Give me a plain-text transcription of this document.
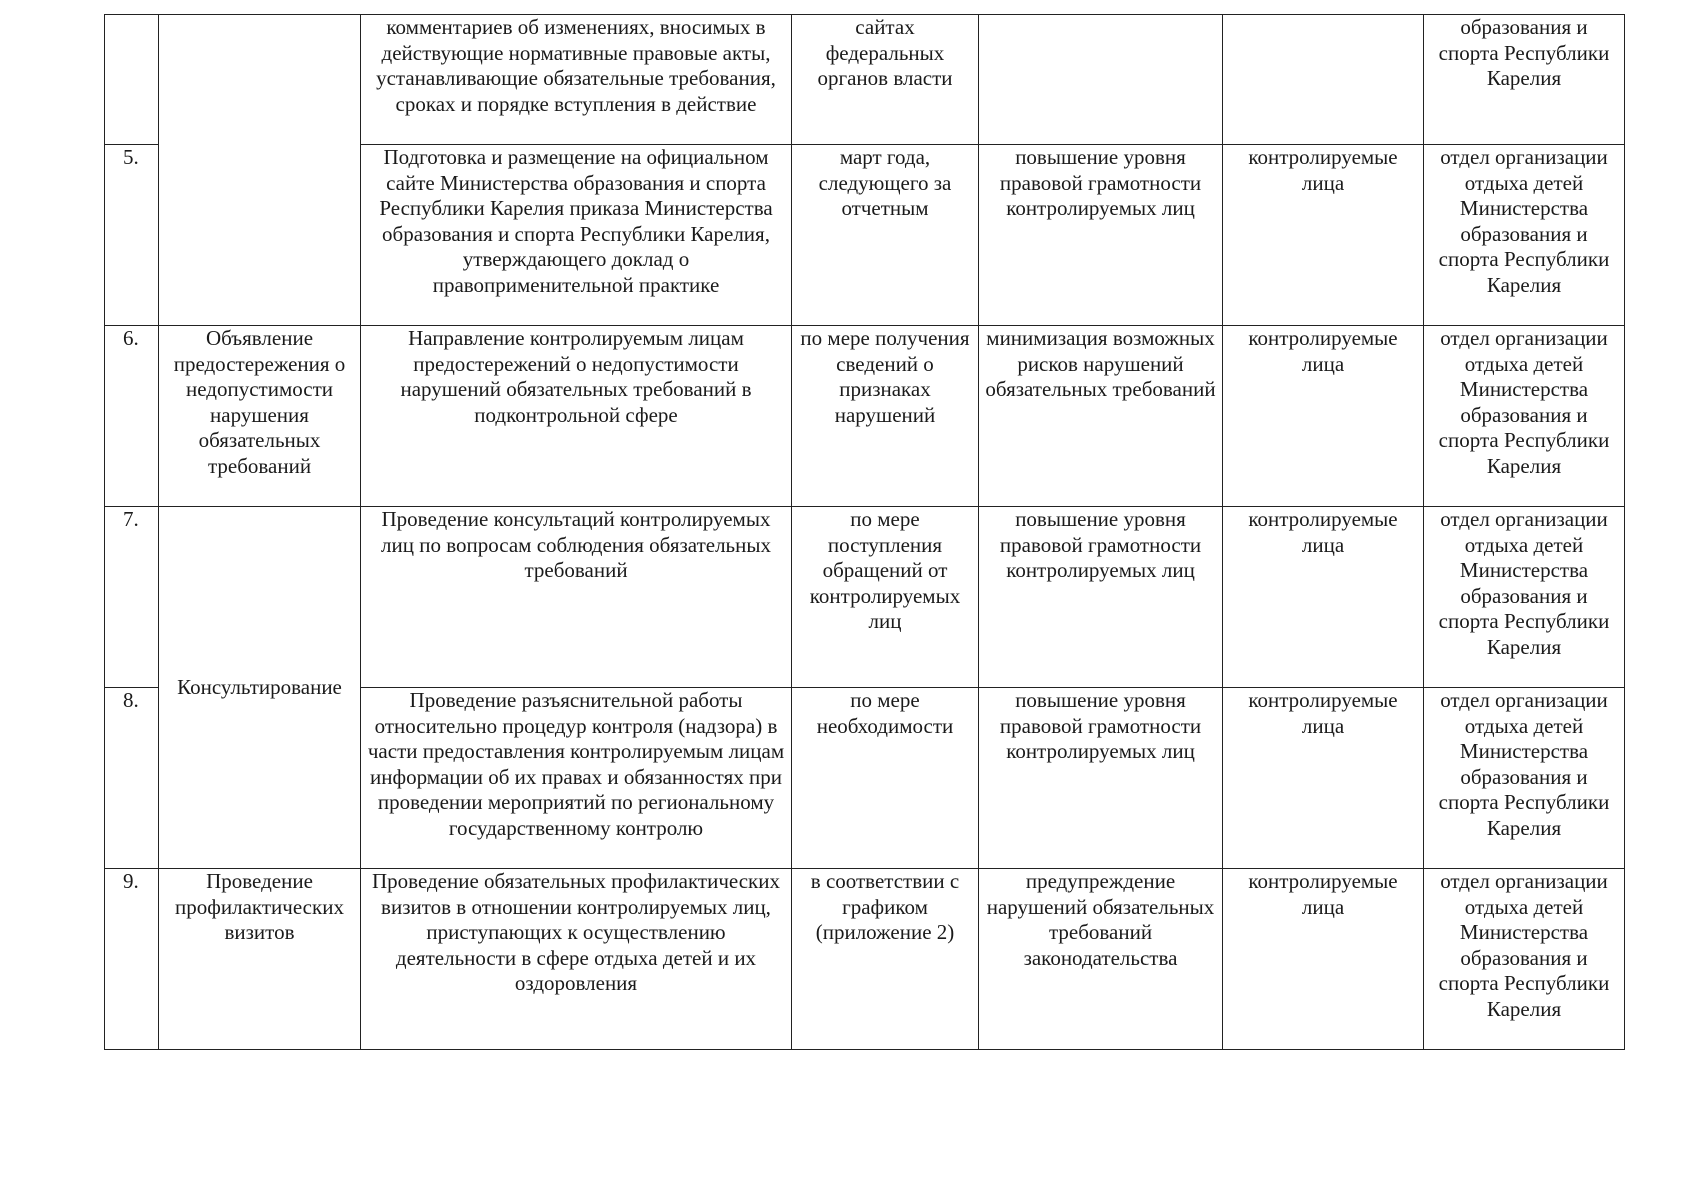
		комментариев об изменениях, вносимых в действующие нормативные правовые акты, устанавливающие обязательные требования, сроках и порядке вступления в действие	сайтах федеральных органов власти			образования и спорта Республики Карелия
5.		Подготовка и размещение на официальном сайте Министерства образования и спорта Республики Карелия приказа Министерства образования и спорта Республики Карелия, утверждающего доклад о правоприменительной практике	март года, следующего за отчетным	повышение уровня правовой грамотности контролируемых лиц	контролируемые лица	отдел организации отдыха детей Министерства образования и спорта Республики Карелия
6.	Объявление предостережения о недопустимости нарушения обязательных требований	Направление контролируемым лицам предостережений о недопустимости нарушений обязательных требований в подконтрольной сфере	по мере получения сведений о признаках нарушений	минимизация возможных рисков нарушений обязательных требований	контролируемые лица	отдел организации отдыха детей Министерства образования и спорта Республики Карелия
7.	Консультирование	Проведение консультаций контролируемых лиц по вопросам соблюдения обязательных требований	по мере поступления обращений от контролируемых лиц	повышение уровня правовой грамотности контролируемых лиц	контролируемые лица	отдел организации отдыха детей Министерства образования и спорта Республики Карелия
8.		Проведение разъяснительной работы относительно процедур контроля (надзора) в части предоставления контролируемым лицам информации об их правах и обязанностях при проведении мероприятий по региональному государственному контролю	по мере необходимости	повышение уровня правовой грамотности контролируемых лиц	контролируемые лица	отдел организации отдыха детей Министерства образования и спорта Республики Карелия
9.	Проведение профилактических визитов	Проведение обязательных профилактических визитов в отношении контролируемых лиц, приступающих к осуществлению деятельности в сфере отдыха детей и их оздоровления	в соответствии с графиком (приложение 2)	предупреждение нарушений обязательных требований законодательства	контролируемые лица	отдел организации отдыха детей Министерства образования и спорта Республики Карелия
